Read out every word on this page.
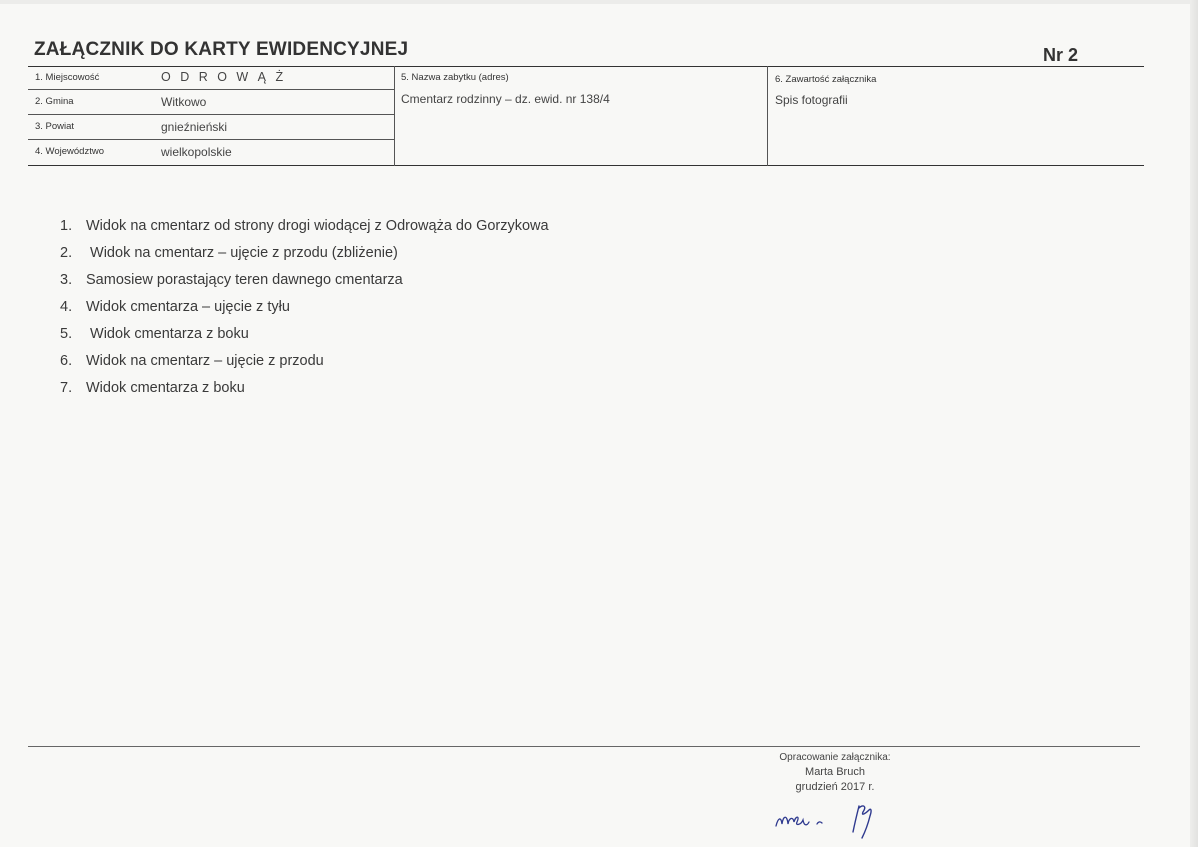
ZAŁĄCZNIK DO KARTY EWIDENCYJNEJ	Nr 2
1. Miejscowość	O D R O W Ą Ż
2. Gmina	Witkowo
3. Powiat	gnieźnieński
4. Województwo	wielkopolskie
5. Nazwa zabytku (adres)
Cmentarz rodzinny – dz. ewid. nr 138/4
6. Zawartość załącznika
Spis fotografii
1. Widok na cmentarz od strony drogi wiodącej z Odrowąża do Gorzykowa
2. Widok na cmentarz – ujęcie z przodu (zbliżenie)
3. Samosiew porastający teren dawnego cmentarza
4. Widok cmentarza – ujęcie z tyłu
5. Widok cmentarza z boku
6. Widok na cmentarz – ujęcie z przodu
7. Widok cmentarza z boku
Opracowanie załącznika:
Marta Bruch
grudzień 2017 r.
